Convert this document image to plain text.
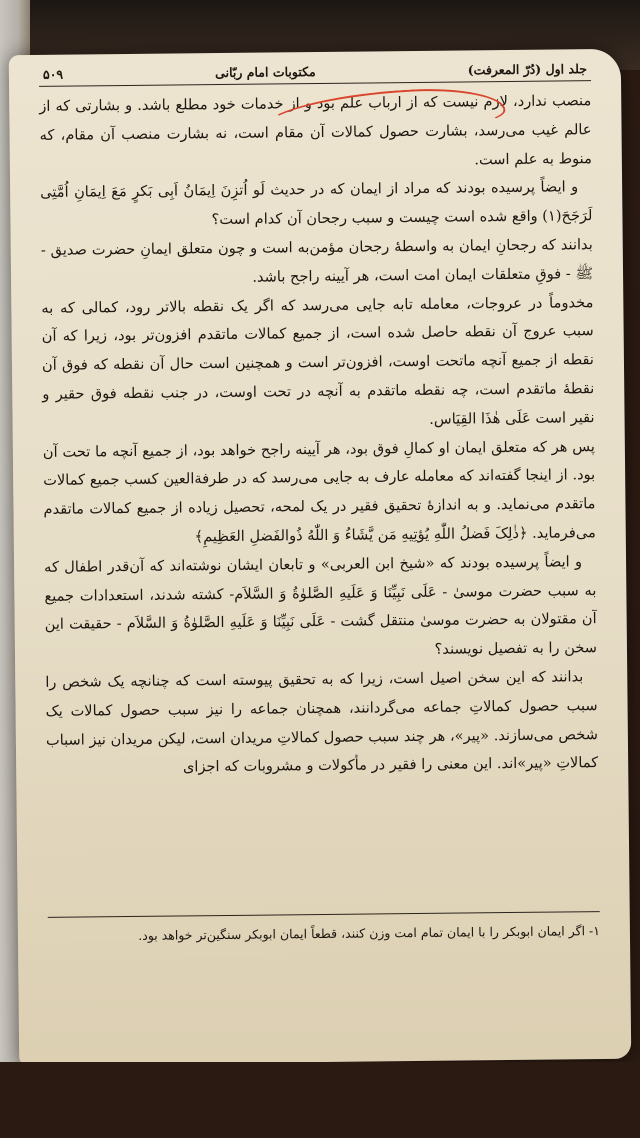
جلد اول (دُرّ المعرفت)
مکتوبات امام ربّانی
۵۰۹

منصب ندارد، لازم نیست که از ارباب علم بود و از خدمات خود مطلع باشد. و بشارتی که از عالم غیب می‌رسد، بشارت حصول کمالات آن مقام است، نه بشارت منصب آن مقام، که منوط به علم است.

و ایضاً پرسیده بودند که مراد از ایمان که در حدیث لَو اُتزِنَ اِیمَانُ اَبِی بَکرٍ مَعَ اِیمَانِ اُمَّتِی لَرَجَحَ(۱) واقع شده است چیست و سبب رجحان آن کدام است؟

بدانند که رجحانِ ایمان به واسطهٔ رجحان مؤمن‌به است و چون متعلق ایمانِ حضرت صدیق - ﷺ - فوقِ متعلقات ایمان امت است، هر آیینه راجح باشد.

مخدوماً در عروجات، معامله تابه جایی می‌رسد که اگر یک نقطه بالاتر رود، کمالی که به سبب عروج آن نقطه حاصل شده است، از جمیع کمالات ماتقدم افزون‌تر بود، زیرا که آن نقطه از جمیع آنچه ماتحت اوست، افزون‌تر است و همچنین است حال آن نقطه که فوق آن نقطهٔ ماتقدم است، چه نقطه ماتقدم به آنچه در تحت اوست، در جنب نقطه فوق حقیر و نقیر است عَلَی هٰذَا القِیَاس.

پس هر که متعلق ایمان او کمالِ فوق بود، هر آیینه راجح خواهد بود، از جمیع آنچه ما تحت آن بود. از اینجا گفته‌اند که معامله عارف به جایی می‌رسد که در طرفة‌العین کسب جمیع کمالات ماتقدم می‌نماید. و به اندازهٔ تحقیق فقیر در یک لمحه، تحصیل زیاده از جمیع کمالات ماتقدم می‌فرماید. ﴿ذٰلِکَ فَضلُ اللّٰهِ یُؤتِیهِ مَن یَّشَاءُ وَ اللّٰهُ ذُوالفَضلِ العَظِیمِ﴾

و ایضاً پرسیده بودند که «شیخ ابن العربی» و تابعان ایشان نوشته‌اند که آن‌قدر اطفال که به سبب حضرت موسیٰ - عَلَی نَبِیِّنَا وَ عَلَیهِ الصَّلوٰةُ وَ السَّلاَم- کشته شدند، استعدادات جمیع آن مقتولان به حضرت موسیٰ منتقل گشت - عَلَی نَبِیِّنَا وَ عَلَیهِ الصَّلوٰةُ وَ السَّلاَم - حقیقت این سخن را به تفصیل نویسند؟

بدانند که این سخن اصیل است، زیرا که به تحقیق پیوسته است که چنانچه یک شخص را سبب حصول کمالاتِ جماعه می‌گردانند، همچنان جماعه را نیز سبب حصول کمالات یک شخص می‌سازند. «پیر»، هر چند سبب حصول کمالاتِ مریدان است، لیکن مریدان نیز اسباب کمالاتِ «پیر»اند. این معنی را فقیر در مأکولات و مشروبات که اجزای

۱- اگر ایمان ابوبکر را با ایمان تمام امت وزن کنند، قطعاً ایمان ابوبکر سنگین‌تر خواهد بود.
